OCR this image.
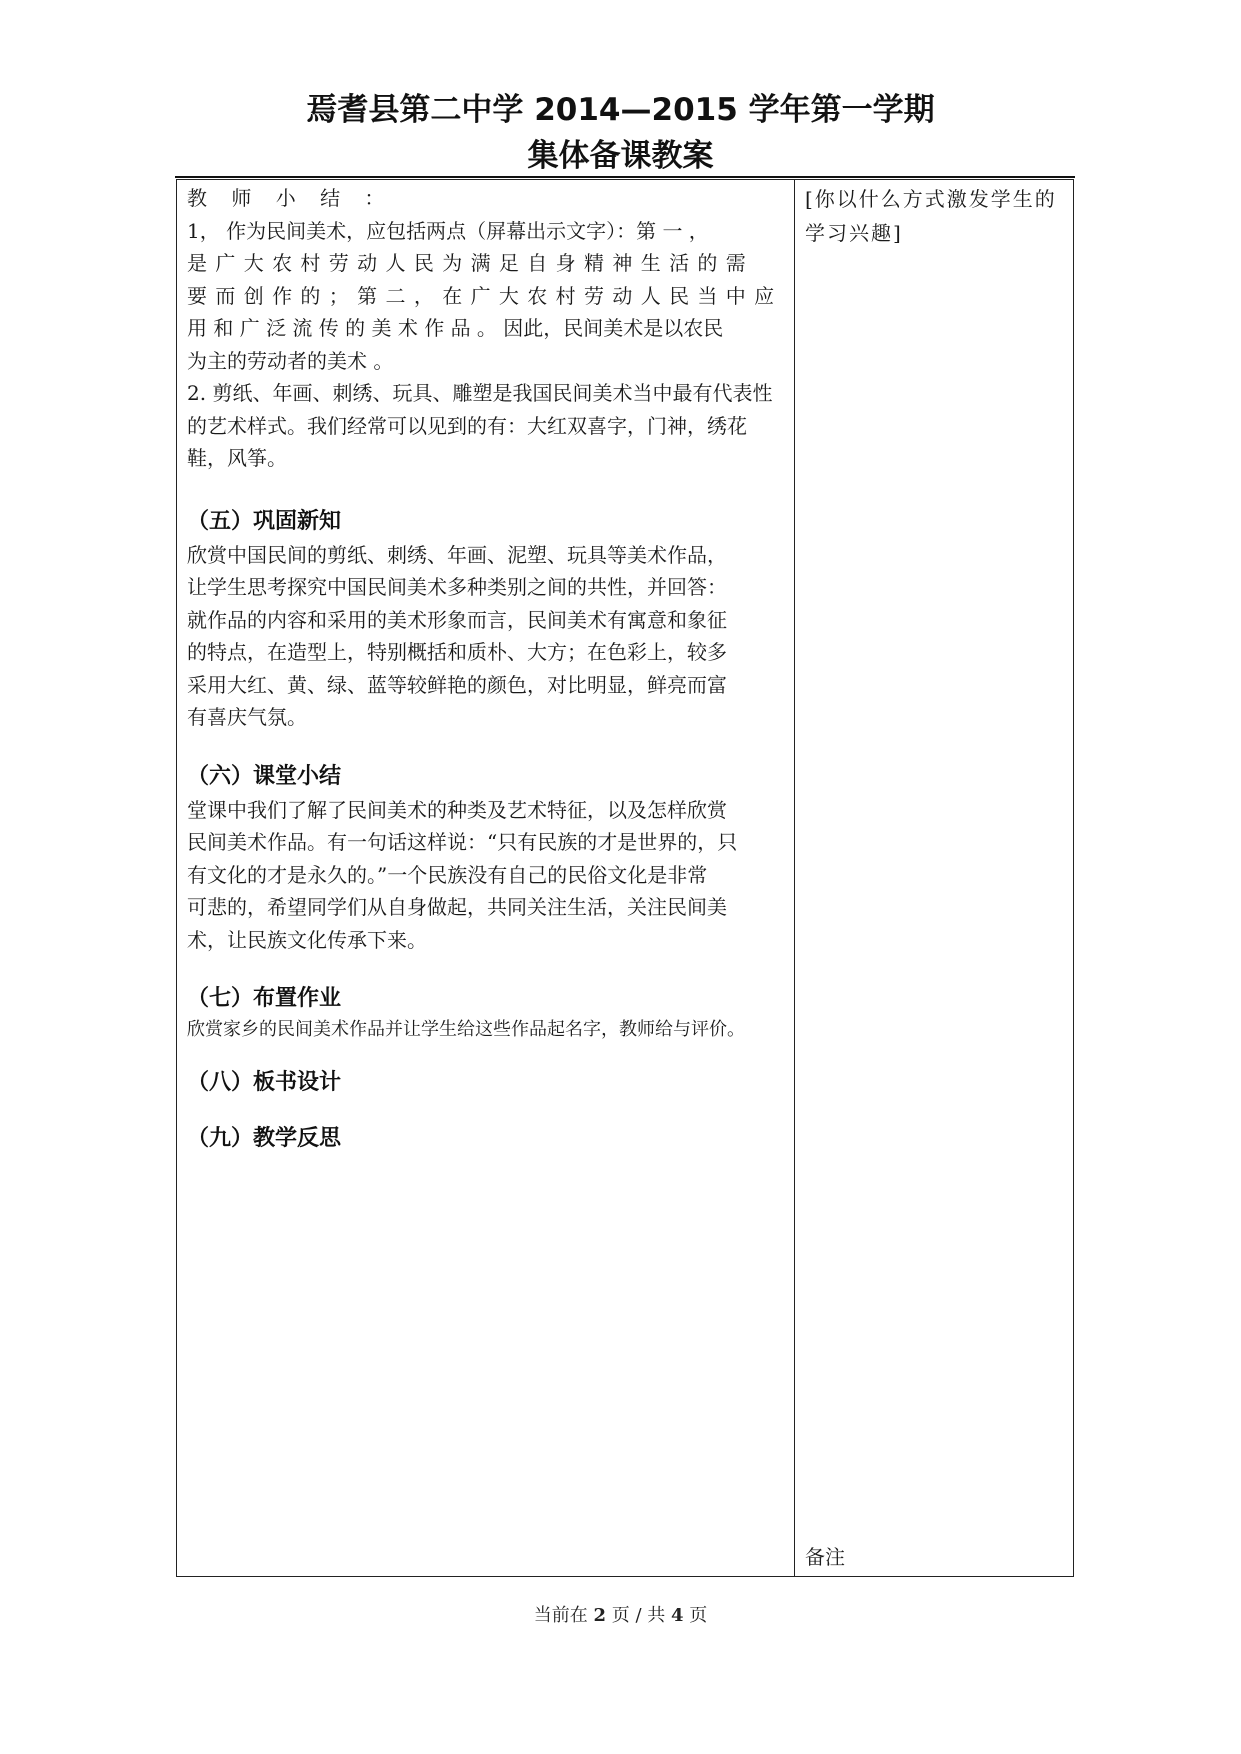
焉耆县第二中学 2014—2015 学年第一学期
集体备课教案

教 师 小 结 ：

1， 作为民间美术，应包括两点（屏幕出示文字）：第 一 ，

是 广 大 农 村 劳 动 人 民 为 满 足 自 身 精 神 生 活 的 需

要 而 创 作 的 ； 第 二 ， 在 广 大 农 村 劳 动 人 民 当 中 应

用 和 广 泛 流 传 的 美 术 作 品 。 因此，民间美术是以农民

为主的劳动者的美术 。

2. 剪纸、年画、刺绣、玩具、雕塑是我国民间美术当中最有代表性

的艺术样式。我们经常可以见到的有：大红双喜字，门神，绣花

鞋，风筝。

（五）巩固新知

欣赏中国民间的剪纸、刺绣、年画、泥塑、玩具等美术作品，

让学生思考探究中国民间美术多种类别之间的共性，并回答：

就作品的内容和采用的美术形象而言，民间美术有寓意和象征

的特点，在造型上，特别概括和质朴、大方；在色彩上，较多

采用大红、黄、绿、蓝等较鲜艳的颜色，对比明显，鲜亮而富

有喜庆气氛。

（六）课堂小结

堂课中我们了解了民间美术的种类及艺术特征，以及怎样欣赏

民间美术作品。有一句话这样说：“只有民族的才是世界的，只

有文化的才是永久的。”一个民族没有自己的民俗文化是非常

可悲的，希望同学们从自身做起，共同关注生活，关注民间美

术，让民族文化传承下来。

（七）布置作业

欣赏家乡的民间美术作品并让学生给这些作品起名字，教师给与评价。

（八）板书设计

（九）教学反思

[你以什么方式激发学生的学习兴趣]
备注
当前在 2 页 / 共 4 页
